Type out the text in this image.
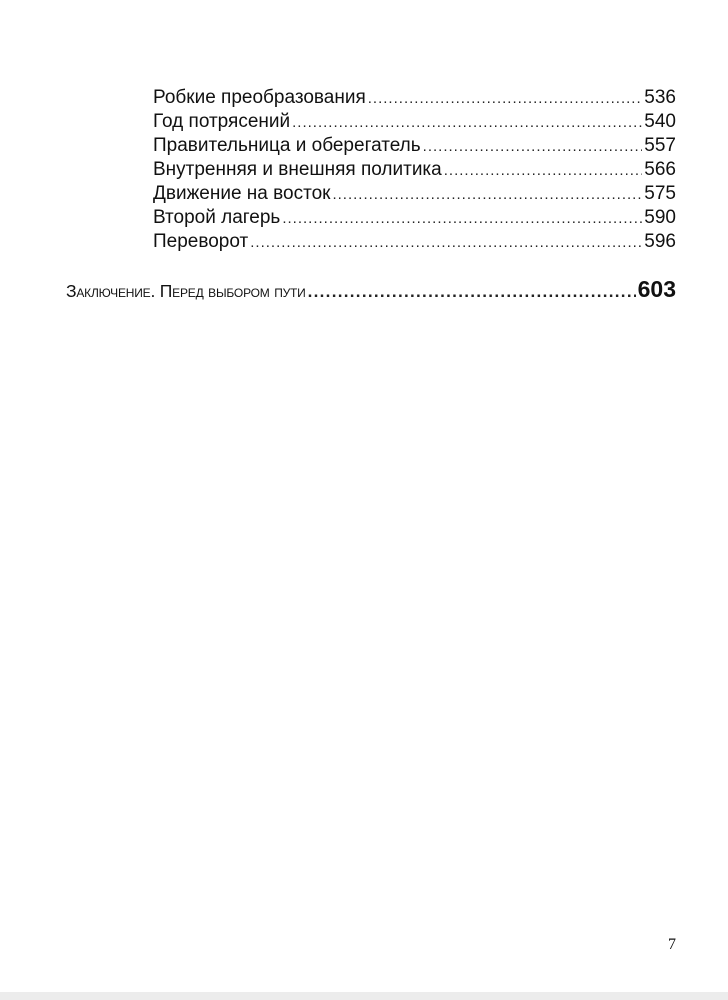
Робкие преобразования .....	536
Год потрясений .....	540
Правительница и оберегатель .....	557
Внутренняя и внешняя политика .....	566
Движение на восток .....	575
Второй лагерь .....	590
Переворот .....	596
Заключение. Перед выбором пути .....	603
7
